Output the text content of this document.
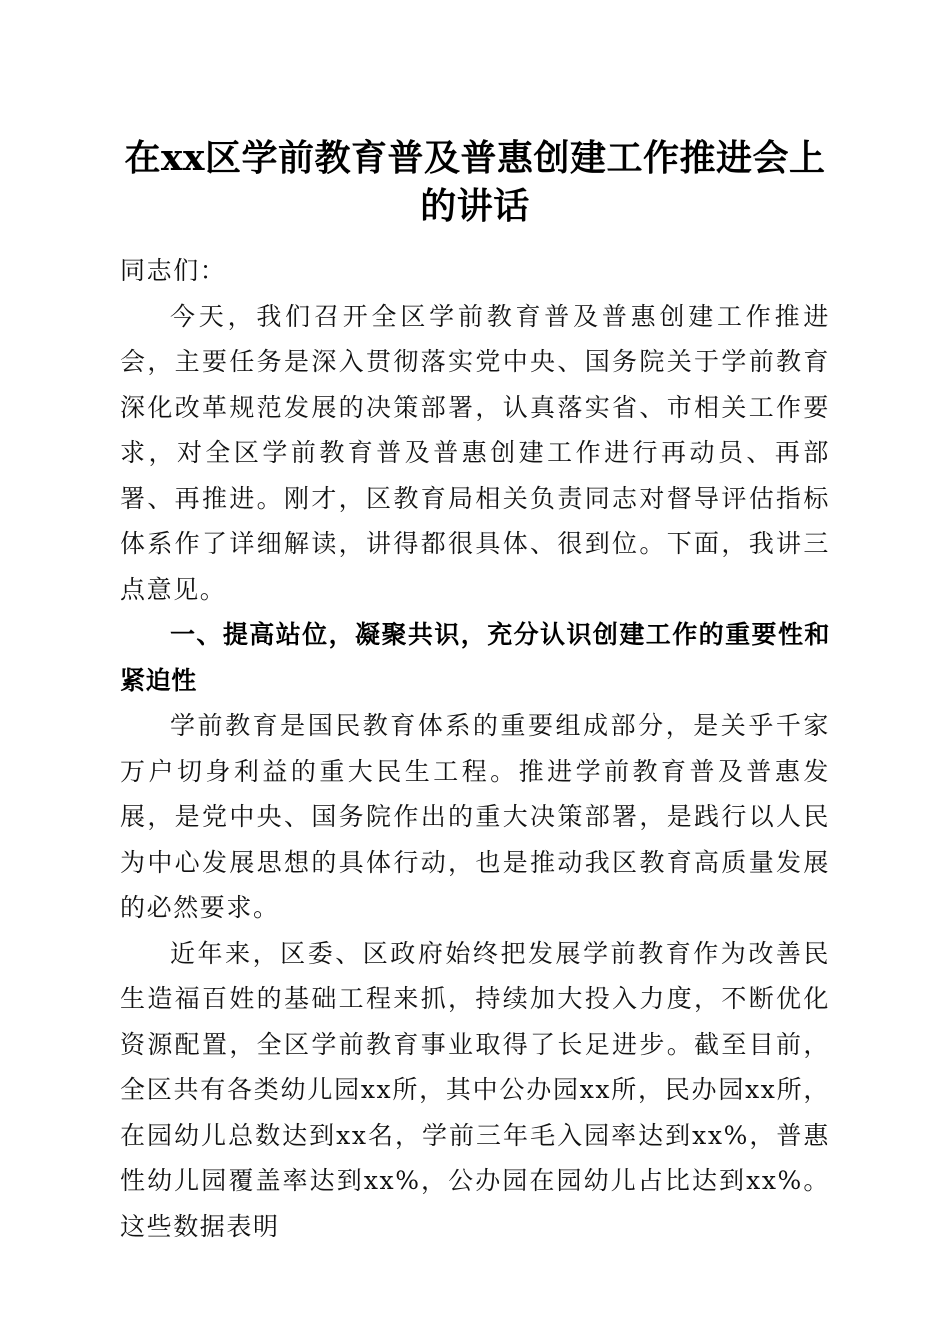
在xx区学前教育普及普惠创建工作推进会上的讲话

同志们：

今天，我们召开全区学前教育普及普惠创建工作推进会，主要任务是深入贯彻落实党中央、国务院关于学前教育深化改革规范发展的决策部署，认真落实省、市相关工作要求，对全区学前教育普及普惠创建工作进行再动员、再部署、再推进。刚才，区教育局相关负责同志对督导评估指标体系作了详细解读，讲得都很具体、很到位。下面，我讲三点意见。

一、提高站位，凝聚共识，充分认识创建工作的重要性和紧迫性

学前教育是国民教育体系的重要组成部分，是关乎千家万户切身利益的重大民生工程。推进学前教育普及普惠发展，是党中央、国务院作出的重大决策部署，是践行以人民为中心发展思想的具体行动，也是推动我区教育高质量发展的必然要求。

近年来，区委、区政府始终把发展学前教育作为改善民生造福百姓的基础工程来抓，持续加大投入力度，不断优化资源配置，全区学前教育事业取得了长足进步。截至目前，全区共有各类幼儿园xx所，其中公办园xx所，民办园xx所，在园幼儿总数达到xx名，学前三年毛入园率达到xx%，普惠性幼儿园覆盖率达到xx%，公办园在园幼儿占比达到xx%。这些数据表明
